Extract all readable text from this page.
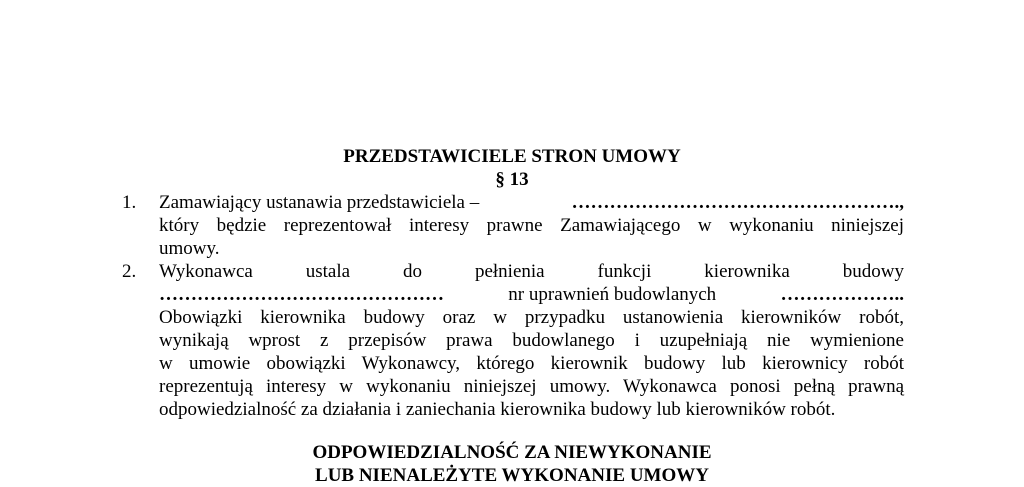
PRZEDSTAWICIELE STRON UMOWY
§ 13
1.	Zamawiający ustanawia przedstawiciela –	…………………………………………….,
który będzie reprezentował interesy prawne Zamawiającego w wykonaniu niniejszej
umowy.
2.	Wykonawca	ustala	do	pełnienia	funkcji	kierownika	budowy
………………………………………	nr uprawnień budowlanych	………………..
Obowiązki kierownika budowy oraz w przypadku ustanowienia kierowników robót,
wynikają wprost z przepisów prawa budowlanego i uzupełniają nie wymienione
w umowie obowiązki Wykonawcy, którego kierownik budowy lub kierownicy robót
reprezentują interesy w wykonaniu niniejszej umowy. Wykonawca ponosi pełną prawną
odpowiedzialność za działania i zaniechania kierownika budowy lub kierowników robót.
ODPOWIEDZIALNOŚĆ ZA NIEWYKONANIE
LUB NIENALEŻYTE WYKONANIE UMOWY
